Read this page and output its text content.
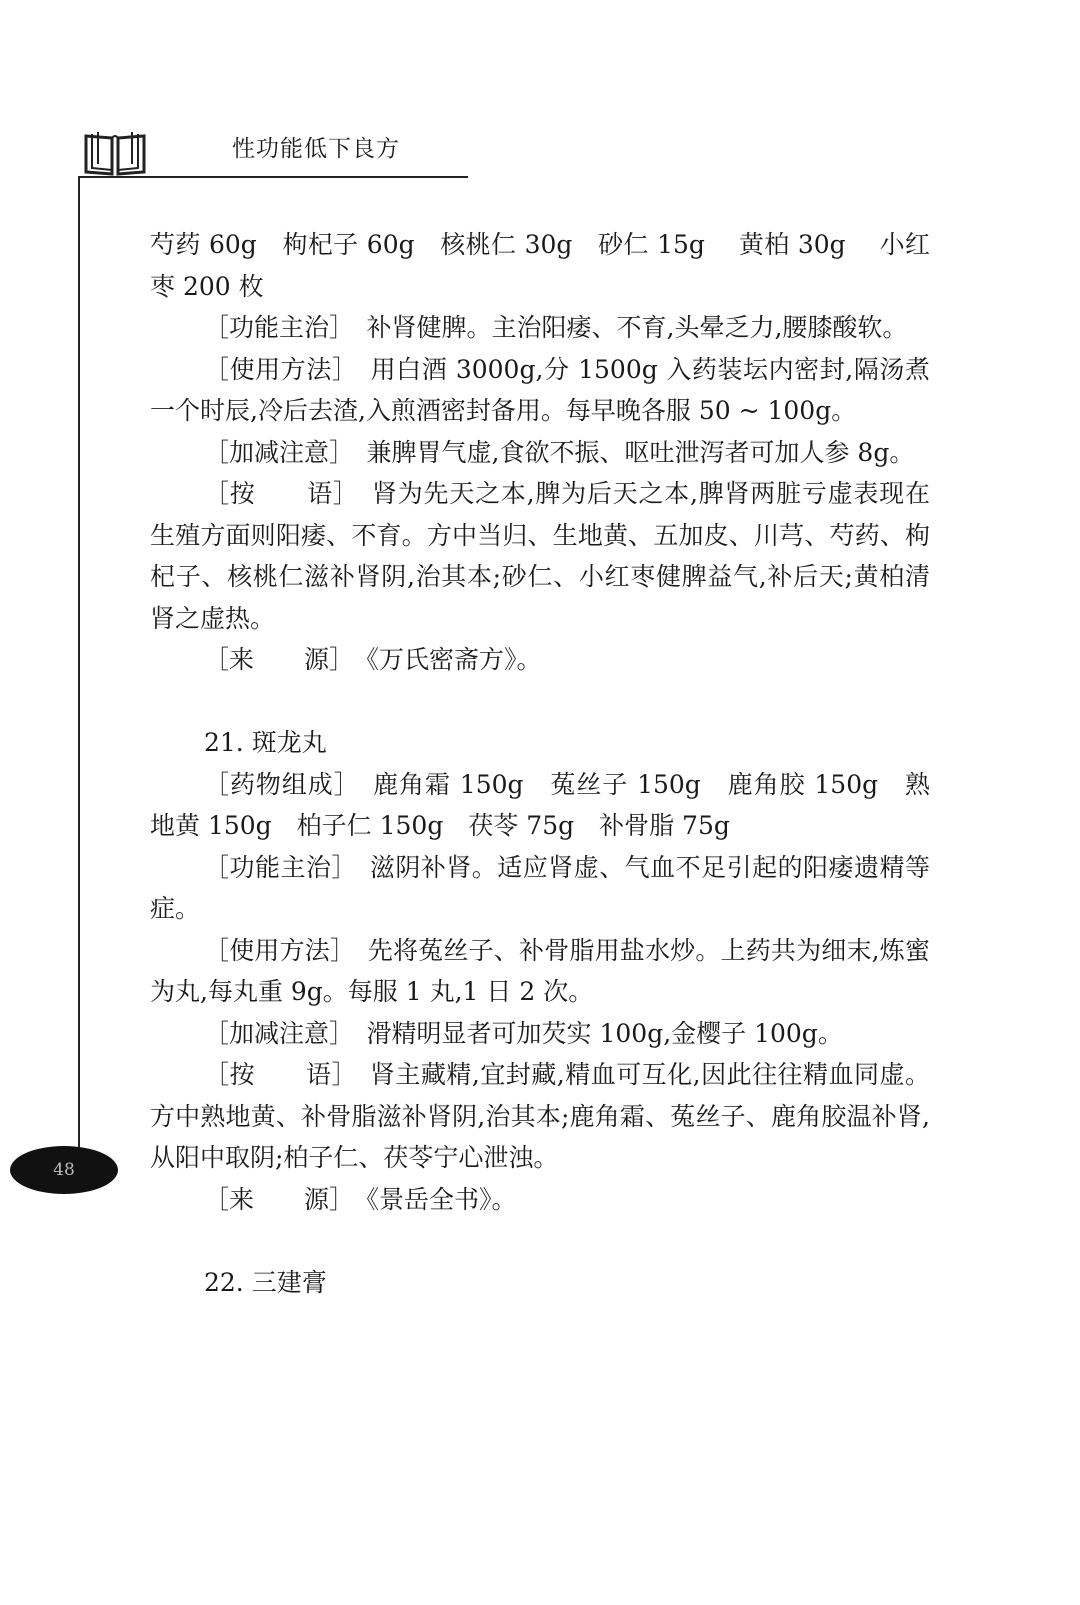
性功能低下良方
48

芍药 60g　枸杞子 60g　核桃仁 30g　砂仁 15g　 黄柏 30g　 小红枣 200 枚

［功能主治］　 补肾健脾。主治阳痿、不育,头晕乏力,腰膝酸软。

［使用方法］　 用白酒 3000g,分 1500g 入药装坛内密封,隔汤煮一个时辰,冷后去渣,入煎酒密封备用。每早晚各服 50 ~ 100g。

［加减注意］　 兼脾胃气虚,食欲不振、呕吐泄泻者可加人参 8g。

［按　　语］　 肾为先天之本,脾为后天之本,脾肾两脏亏虚表现在生殖方面则阳痿、不育。方中当归、生地黄、五加皮、川芎、芍药、枸杞子、核桃仁滋补肾阴,治其本;砂仁、小红枣健脾益气,补后天;黄柏清肾之虚热。

［来　　源］　 《万氏密斋方》。

21. 斑龙丸

［药物组成］　 鹿角霜 150g　菟丝子 150g　鹿角胶 150g　熟地黄 150g　柏子仁 150g　茯苓 75g　补骨脂 75g

［功能主治］　 滋阴补肾。适应肾虚、气血不足引起的阳痿遗精等症。

［使用方法］　 先将菟丝子、补骨脂用盐水炒。上药共为细末,炼蜜为丸,每丸重 9g。每服 1 丸,1 日 2 次。

［加减注意］　 滑精明显者可加芡实 100g,金樱子 100g。

［按　　语］　 肾主藏精,宜封藏,精血可互化,因此往往精血同虚。方中熟地黄、补骨脂滋补肾阴,治其本;鹿角霜、菟丝子、鹿角胶温补肾,从阳中取阴;柏子仁、茯苓宁心泄浊。

［来　　源］　 《景岳全书》。

22. 三建膏
